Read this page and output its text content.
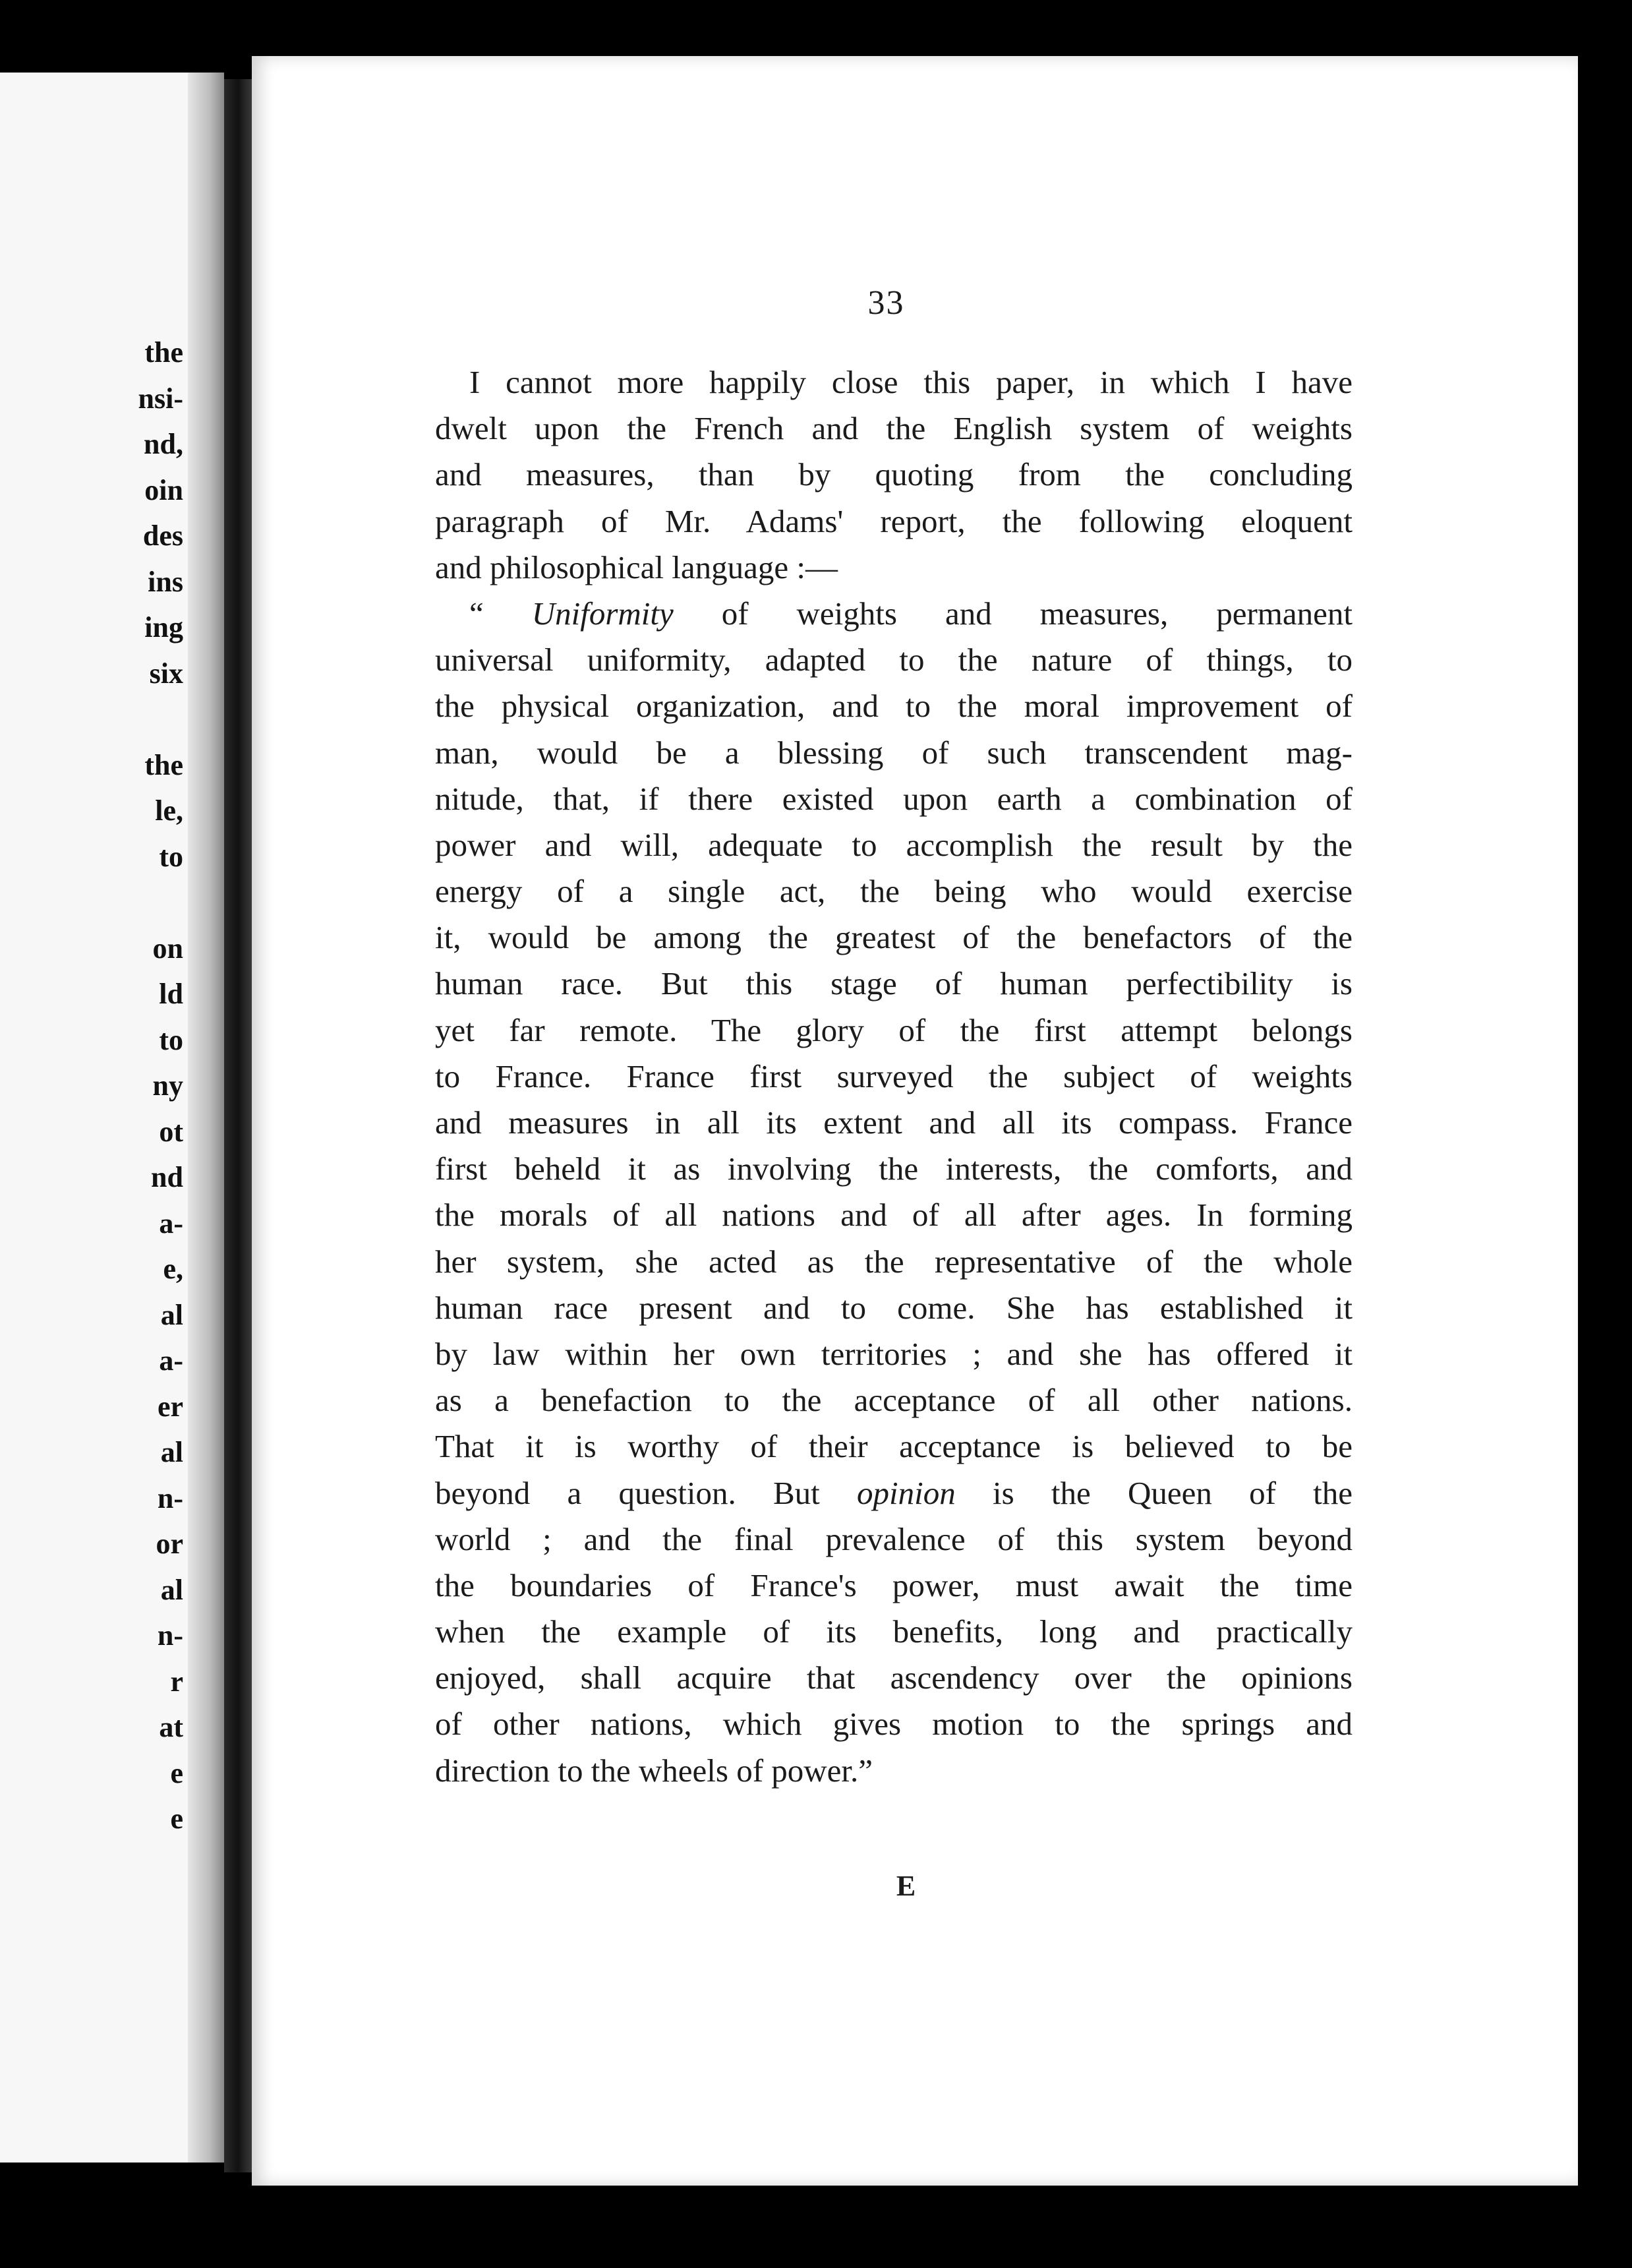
the
nsi-
nd,
oin
des
ins
ing
six
the
le,
to
on
ld
to
ny
ot
nd
a-
e,
al
a-
er
al
n-
or
al
n-
r
at
e
e
33
I cannot more happily close this paper, in which I have
dwelt upon the French and the English system of weights
and measures, than by quoting from the concluding
paragraph of Mr. Adams' report, the following eloquent
and philosophical language :—
“ Uniformity of weights and measures, permanent
universal uniformity, adapted to the nature of things, to
the physical organization, and to the moral improvement of
man, would be a blessing of such transcendent mag-
nitude, that, if there existed upon earth a combination of
power and will, adequate to accomplish the result by the
energy of a single act, the being who would exercise
it, would be among the greatest of the benefactors of the
human race. But this stage of human perfectibility is
yet far remote. The glory of the first attempt belongs
to France. France first surveyed the subject of weights
and measures in all its extent and all its compass. France
first beheld it as involving the interests, the comforts, and
the morals of all nations and of all after ages. In forming
her system, she acted as the representative of the whole
human race present and to come. She has established it
by law within her own territories ; and she has offered it
as a benefaction to the acceptance of all other nations.
That it is worthy of their acceptance is believed to be
beyond a question. But opinion is the Queen of the
world ; and the final prevalence of this system beyond
the boundaries of France's power, must await the time
when the example of its benefits, long and practically
enjoyed, shall acquire that ascendency over the opinions
of other nations, which gives motion to the springs and
direction to the wheels of power.”
E
